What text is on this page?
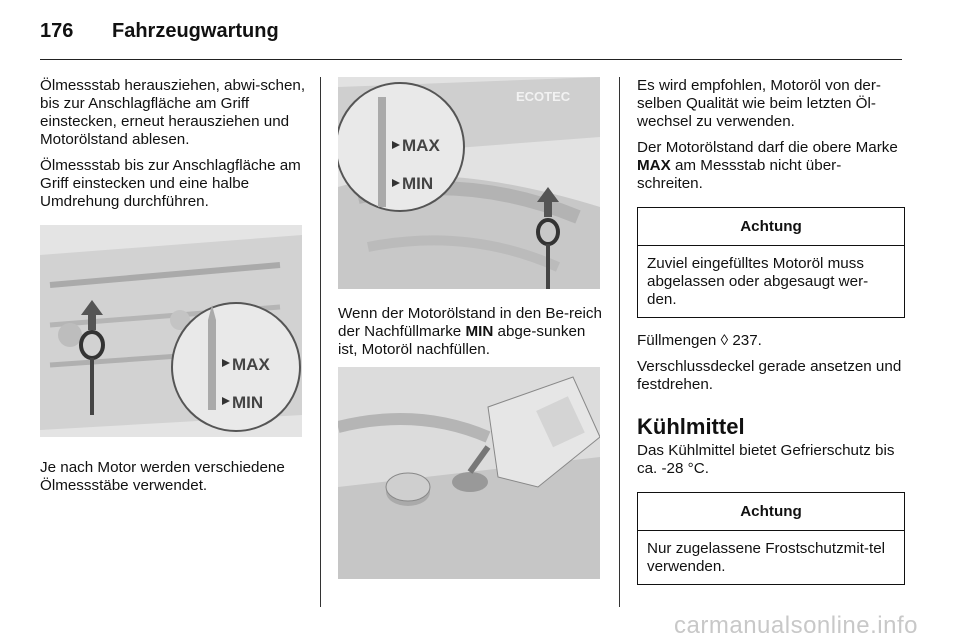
176 Fahrzeugwartung

Ölmessstab herausziehen, abwi-schen, bis zur Anschlagfläche am Griff einstecken, erneut herausziehen und Motorölstand ablesen.

Ölmessstab bis zur Anschlagfläche am Griff einstecken und eine halbe Umdrehung durchführen.

MAX
MIN

Je nach Motor werden verschiedene Ölmessstäbe verwendet.

ECOTEC
MAX
MIN

Wenn der Motorölstand in den Be-reich der Nachfüllmarke MIN abge-sunken ist, Motoröl nachfüllen.

Es wird empfohlen, Motoröl von der-selben Qualität wie beim letzten Öl-wechsel zu verwenden.

Der Motorölstand darf die obere Marke MAX am Messstab nicht über-schreiten.

Achtung
Zuviel eingefülltes Motoröl muss abgelassen oder abgesaugt wer-den.

Füllmengen ◊ 237.

Verschlussdeckel gerade ansetzen und festdrehen.

Kühlmittel

Das Kühlmittel bietet Gefrierschutz bis ca. -28 °C.

Achtung
Nur zugelassene Frostschutzmit-tel verwenden.
carmanualsonline.info
